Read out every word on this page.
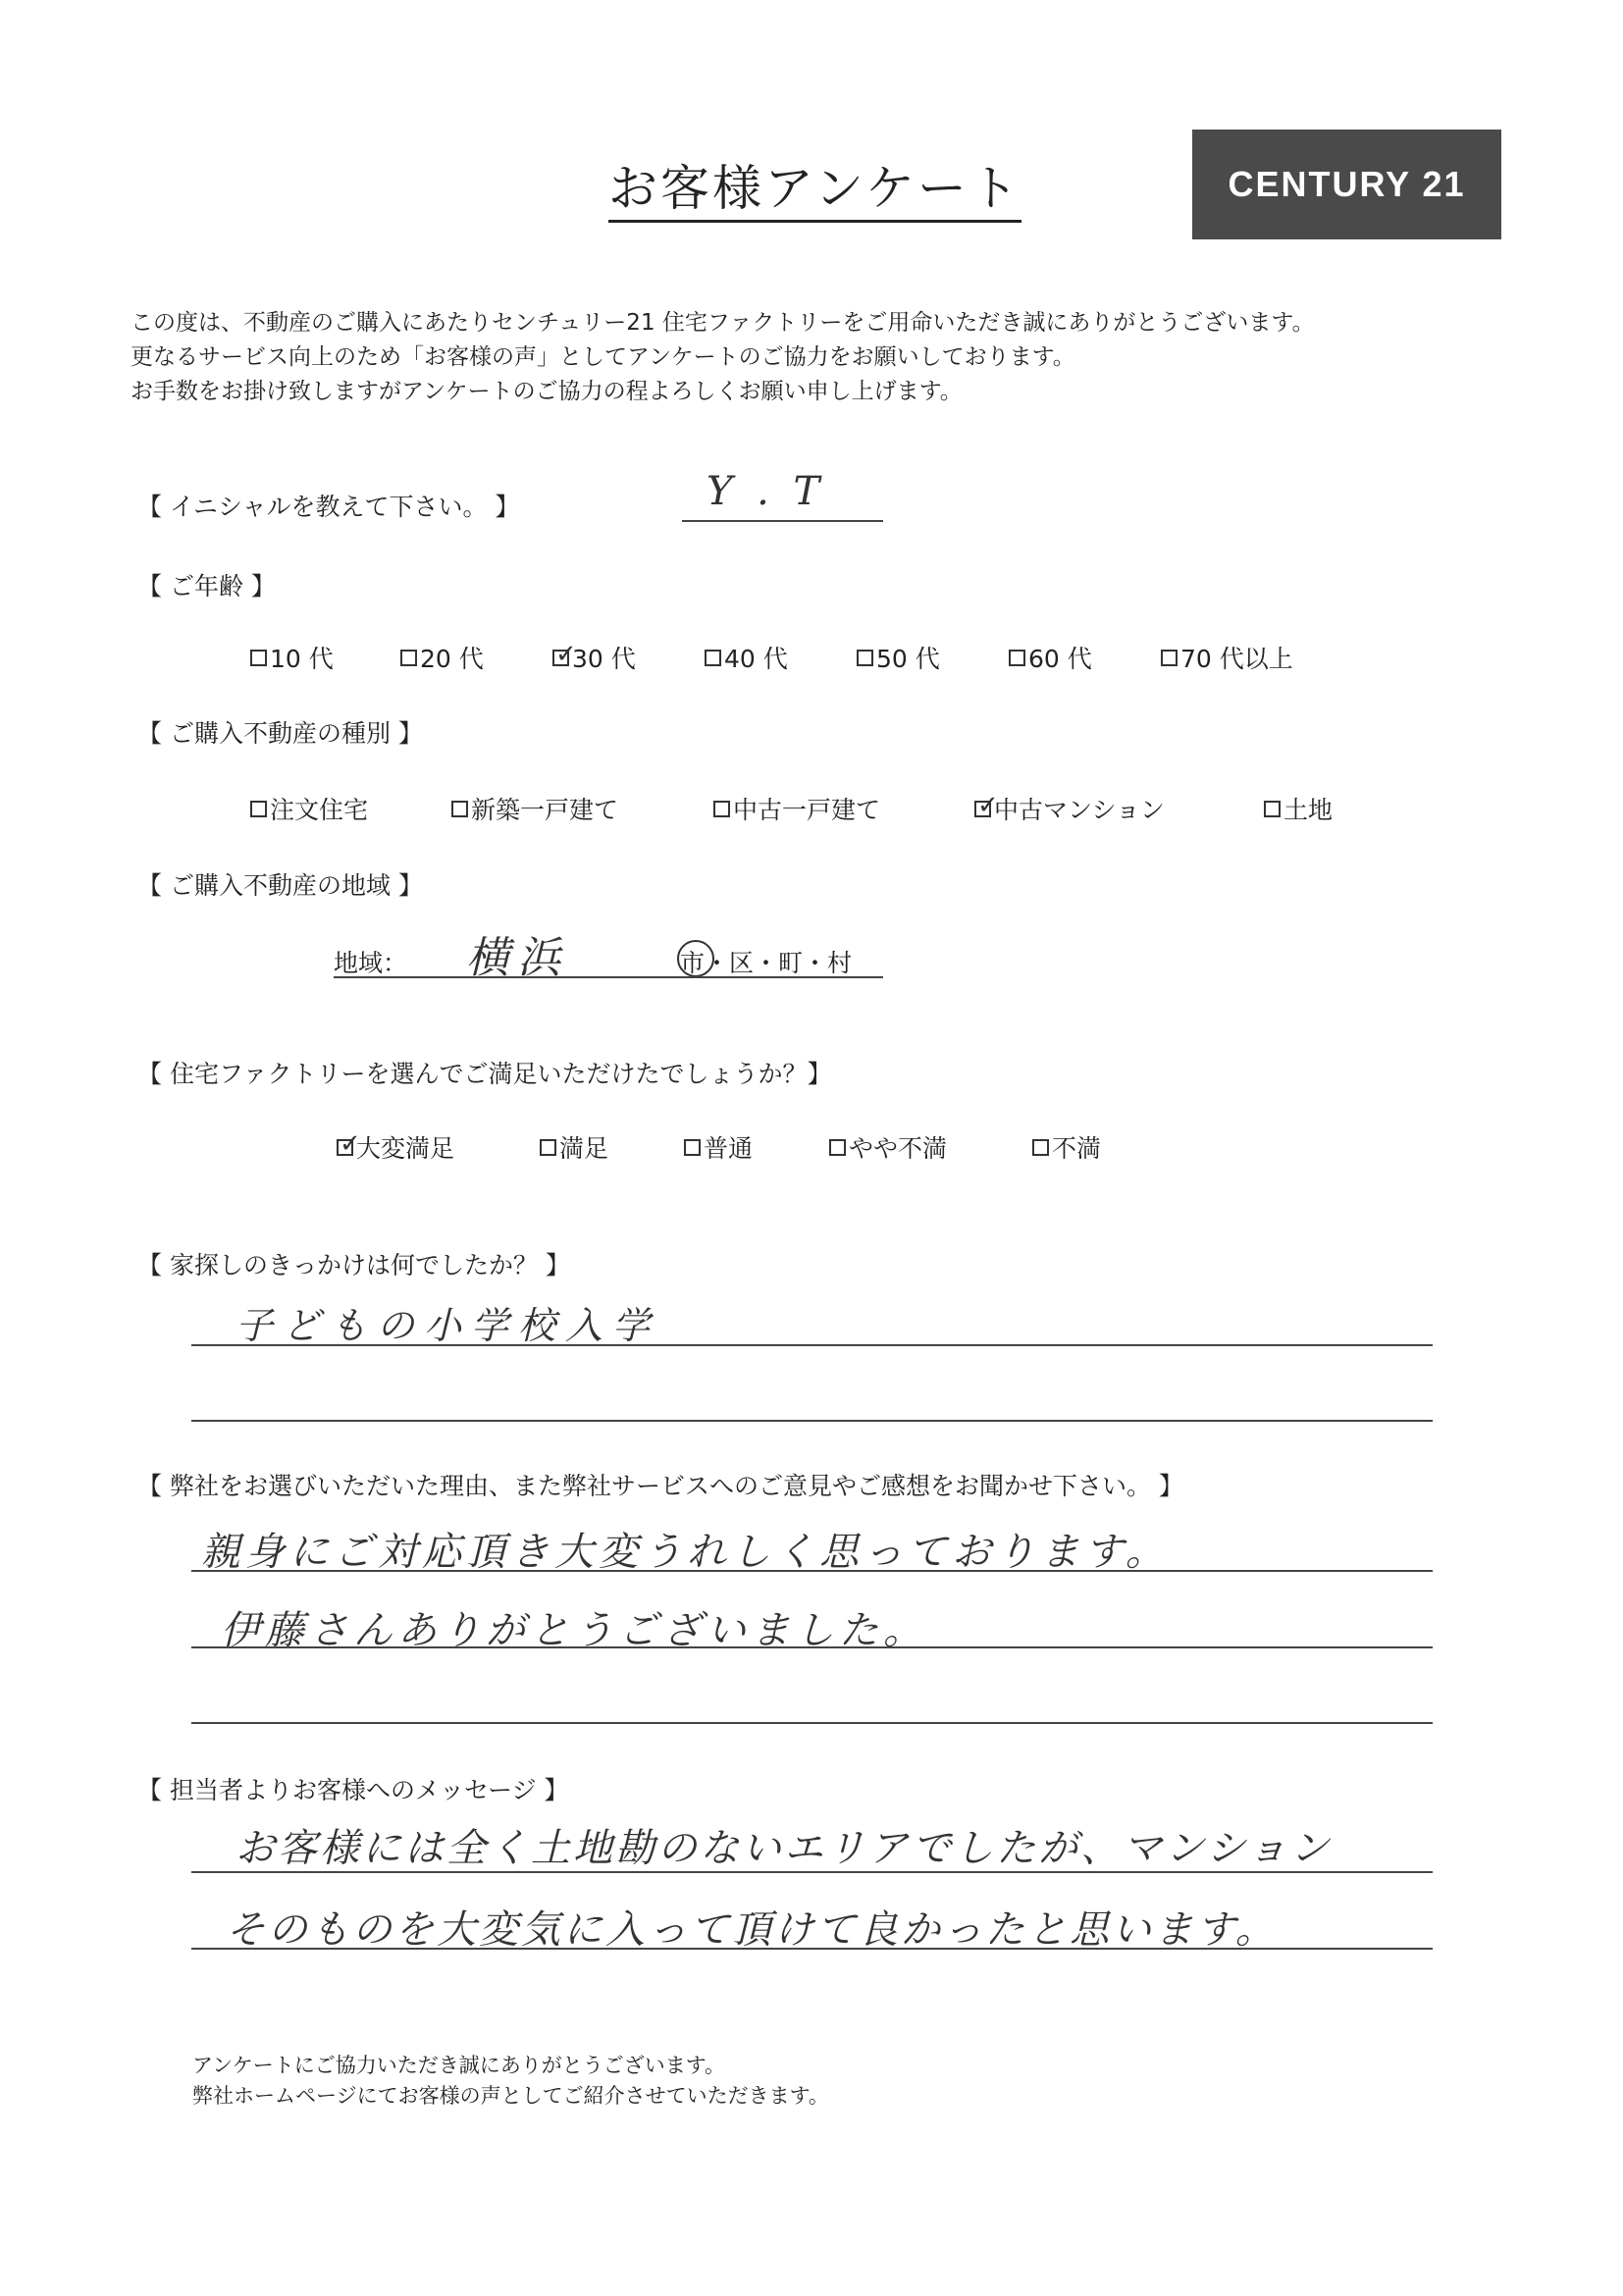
お客様アンケート	CENTURY 21
この度は、不動産のご購入にあたりセンチュリー21 住宅ファクトリーをご用命いただき誠にありがとうございます。
更なるサービス向上のため「お客様の声」としてアンケートのご協力をお願いしております。
お手数をお掛け致しますがアンケートのご協力の程よろしくお願い申し上げます。
【 イニシャルを教えて下さい。 】	Y . T
【 ご年齢 】
10 代	20 代	✓
30 代	40 代	50 代	60 代	70 代以上
【 ご購入不動産の種別 】
注文住宅	新築一戸建て	中古一戸建て	✓
中古マンション	土地
【 ご購入不動産の地域 】
地域： 横浜	市・区・町・村
【 住宅ファクトリーを選んでご満足いただけたでしょうか？】
✓
大変満足	満足	普通	やや不満	不満
【 家探しのきっかけは何でしたか？ 】
子どもの小学校入学
【 弊社をお選びいただいた理由、また弊社サービスへのご意見やご感想をお聞かせ下さい。 】
親身にご対応頂き大変うれしく思っております。
伊藤さんありがとうございました。
【 担当者よりお客様へのメッセージ 】
お客様には全く土地勘のないエリアでしたが、マンション
そのものを大変気に入って頂けて良かったと思います。
アンケートにご協力いただき誠にありがとうございます。
弊社ホームページにてお客様の声としてご紹介させていただきます。
